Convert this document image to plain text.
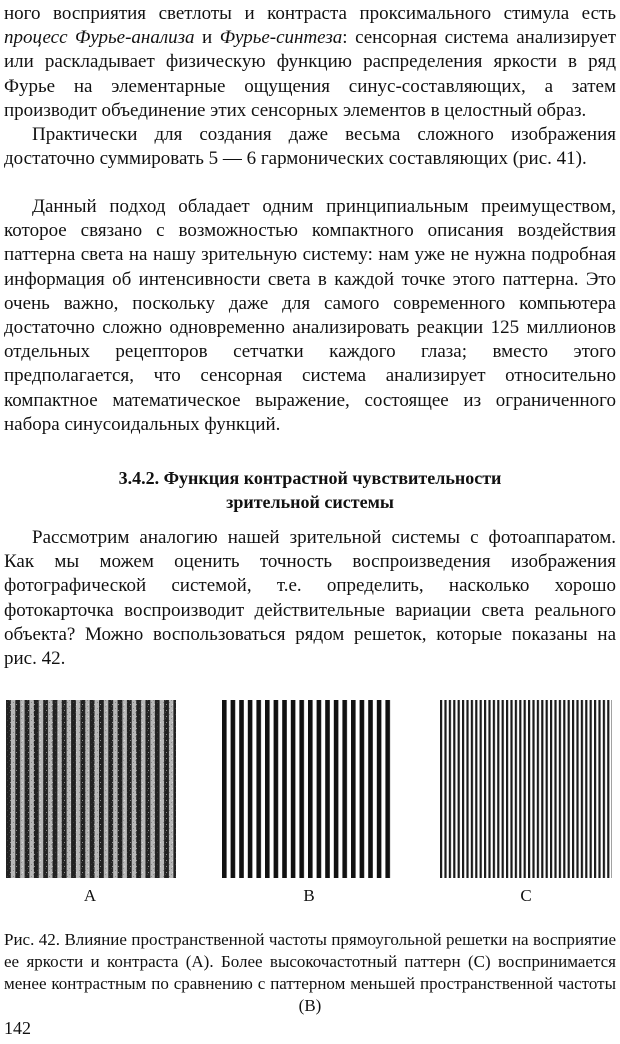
ного восприятия светлоты и контраста проксимального стимула есть процесс Фурье-анализа и Фурье-синтеза: сенсорная система анализирует или раскладывает физическую функцию распределения яркости в ряд Фурье на элементарные ощущения синус-составляющих, а затем производит объединение этих сенсорных элементов в целостный образ.

Практически для создания даже весьма сложного изображения достаточно суммировать 5 — 6 гармонических составляющих (рис. 41).

Данный подход обладает одним принципиальным преимуществом, которое связано с возможностью компактного описания воздействия паттерна света на нашу зрительную систему: нам уже не нужна подробная информация об интенсивности света в каждой точке этого паттерна. Это очень важно, поскольку даже для самого современного компьютера достаточно сложно одновременно анализировать реакции 125 миллионов отдельных рецепторов сетчатки каждого глаза; вместо этого предполагается, что сенсорная система анализирует относительно компактное математическое выражение, состоящее из ограниченного набора синусоидальных функций.

3.4.2. Функция контрастной чувствительности
зрительной системы

Рассмотрим аналогию нашей зрительной системы с фотоаппаратом. Как мы можем оценить точность воспроизведения изображения фотографической системой, т.е. определить, насколько хорошо фотокарточка воспроизводит действительные вариации света реального объекта? Можно воспользоваться рядом решеток, которые показаны на рис. 42.

A	B	C
Рис. 42. Влияние пространственной частоты прямоугольной решетки на восприятие ее яркости и контраста (A). Более высокочастотный паттерн (C) воспринимается менее контрастным по сравнению с паттерном меньшей пространственной частоты (B)
142
